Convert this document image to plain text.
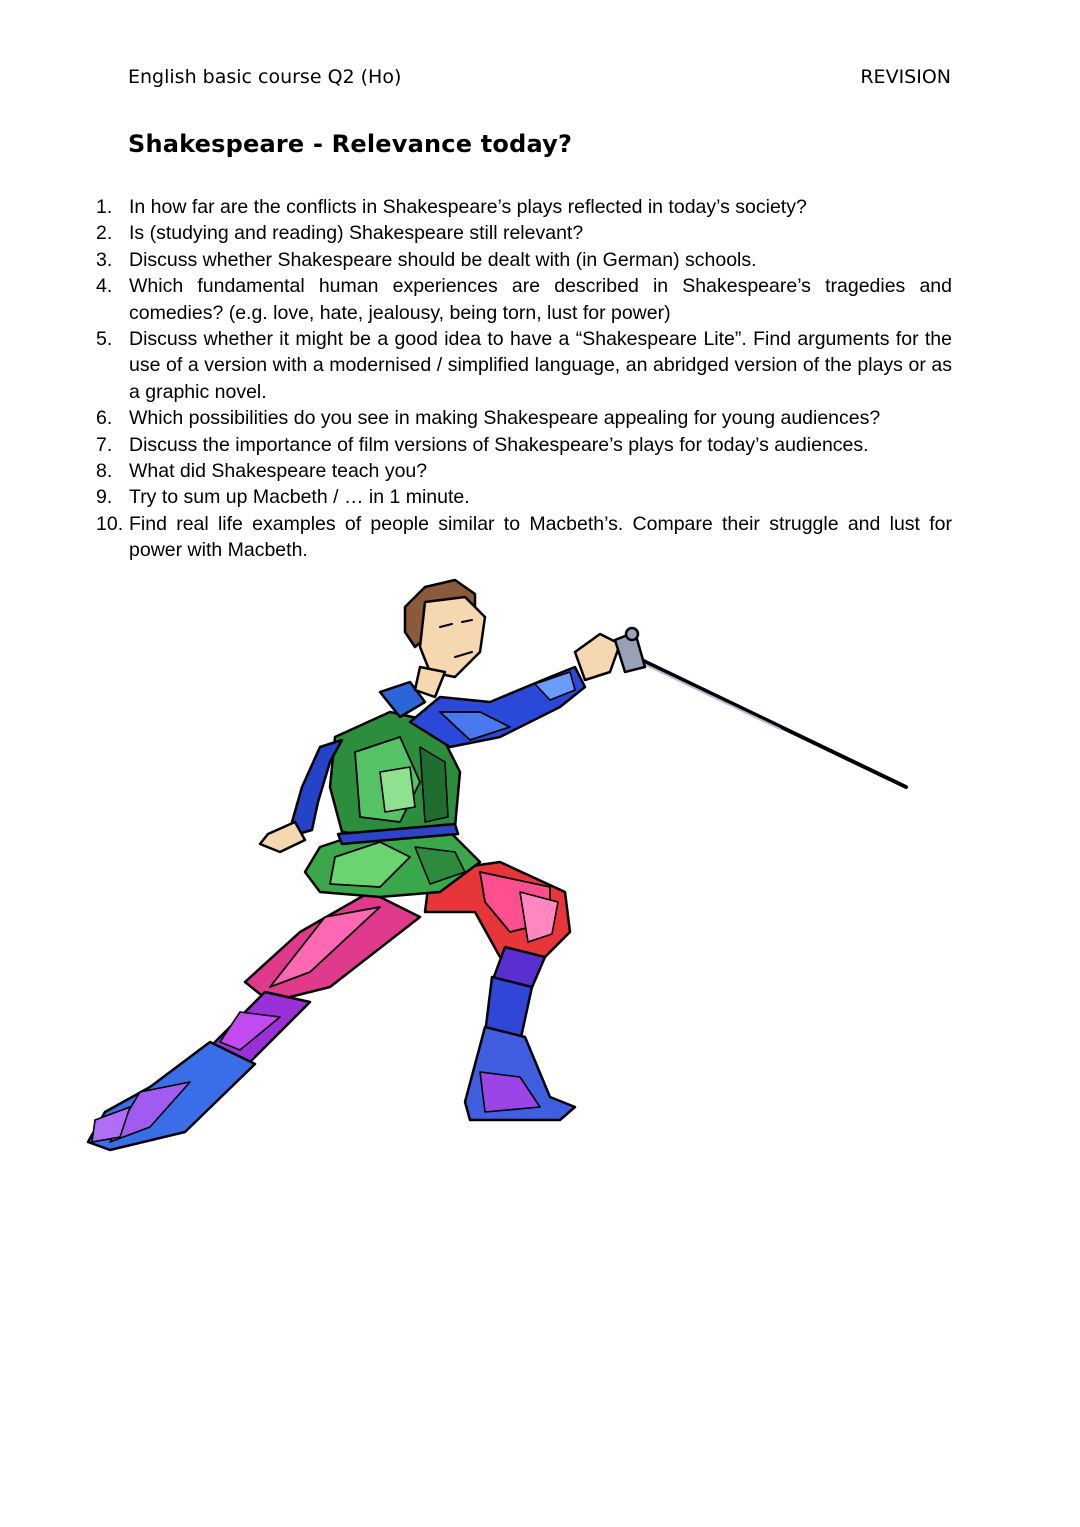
English basic course Q2 (Ho)	REVISION
Shakespeare - Relevance today?
1. In how far are the conflicts in Shakespeare’s plays reflected in today’s society?
2. Is (studying and reading) Shakespeare still relevant?
3. Discuss whether Shakespeare should be dealt with (in German) schools.
4. Which fundamental human experiences are described in Shakespeare’s tragedies and comedies? (e.g. love, hate, jealousy, being torn, lust for power)
5. Discuss whether it might be a good idea to have a “Shakespeare Lite”. Find arguments for the use of a version with a modernised / simplified language, an abridged version of the plays or as a graphic novel.
6. Which possibilities do you see in making Shakespeare appealing for young audiences?
7. Discuss the importance of film versions of Shakespeare’s plays for today’s audiences.
8. What did Shakespeare teach you?
9. Try to sum up Macbeth / … in 1 minute.
10. Find real life examples of people similar to Macbeth’s. Compare their struggle and lust for power with Macbeth.
